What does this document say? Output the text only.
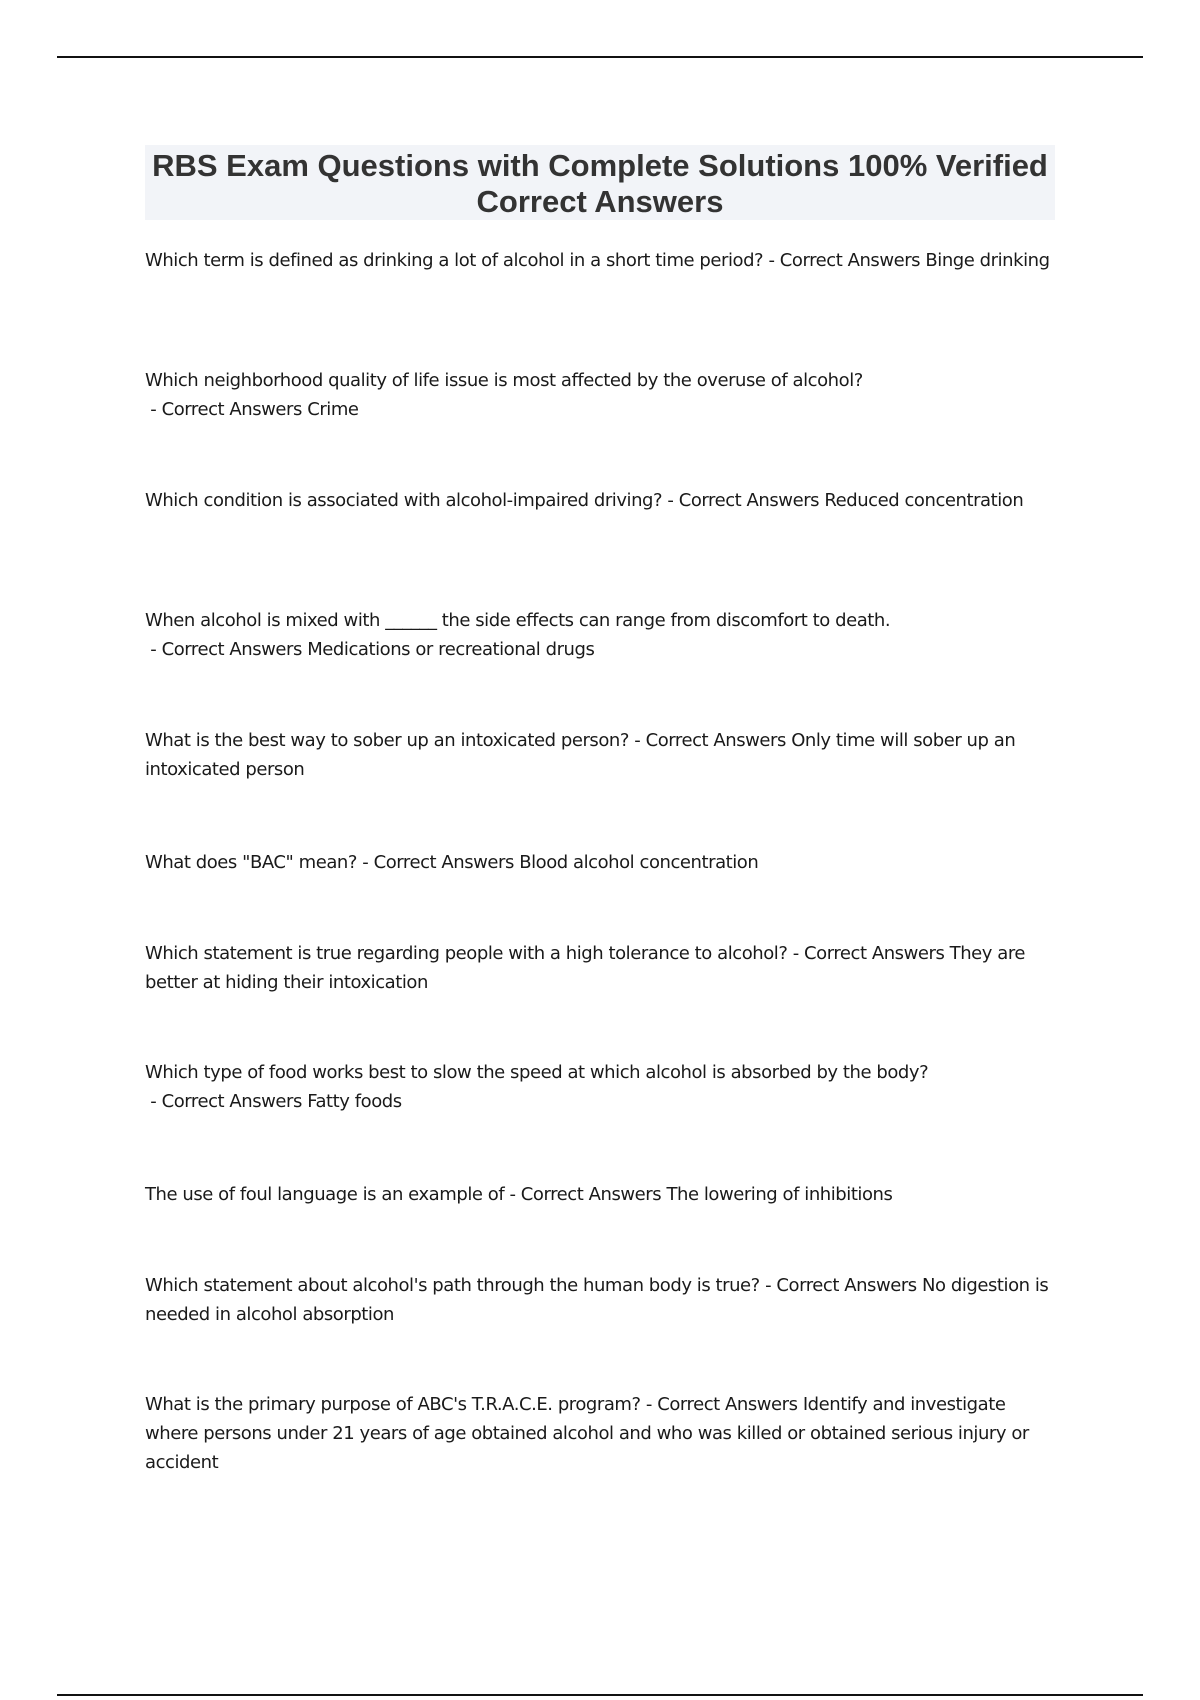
RBS Exam Questions with Complete Solutions 100% Verified Correct Answers

Which term is defined as drinking a lot of alcohol in a short time period? - Correct Answers Binge drinking

Which neighborhood quality of life issue is most affected by the overuse of alcohol? - Correct Answers Crime

Which condition is associated with alcohol-impaired driving? - Correct Answers Reduced concentration

When alcohol is mixed with ______ the side effects can range from discomfort to death. - Correct Answers Medications or recreational drugs

What is the best way to sober up an intoxicated person? - Correct Answers Only time will sober up an intoxicated person

What does "BAC" mean? - Correct Answers Blood alcohol concentration

Which statement is true regarding people with a high tolerance to alcohol? - Correct Answers They are better at hiding their intoxication

Which type of food works best to slow the speed at which alcohol is absorbed by the body? - Correct Answers Fatty foods

The use of foul language is an example of - Correct Answers The lowering of inhibitions

Which statement about alcohol's path through the human body is true? - Correct Answers No digestion is needed in alcohol absorption

What is the primary purpose of ABC's T.R.A.C.E. program? - Correct Answers Identify and investigate where persons under 21 years of age obtained alcohol and who was killed or obtained serious injury or accident
